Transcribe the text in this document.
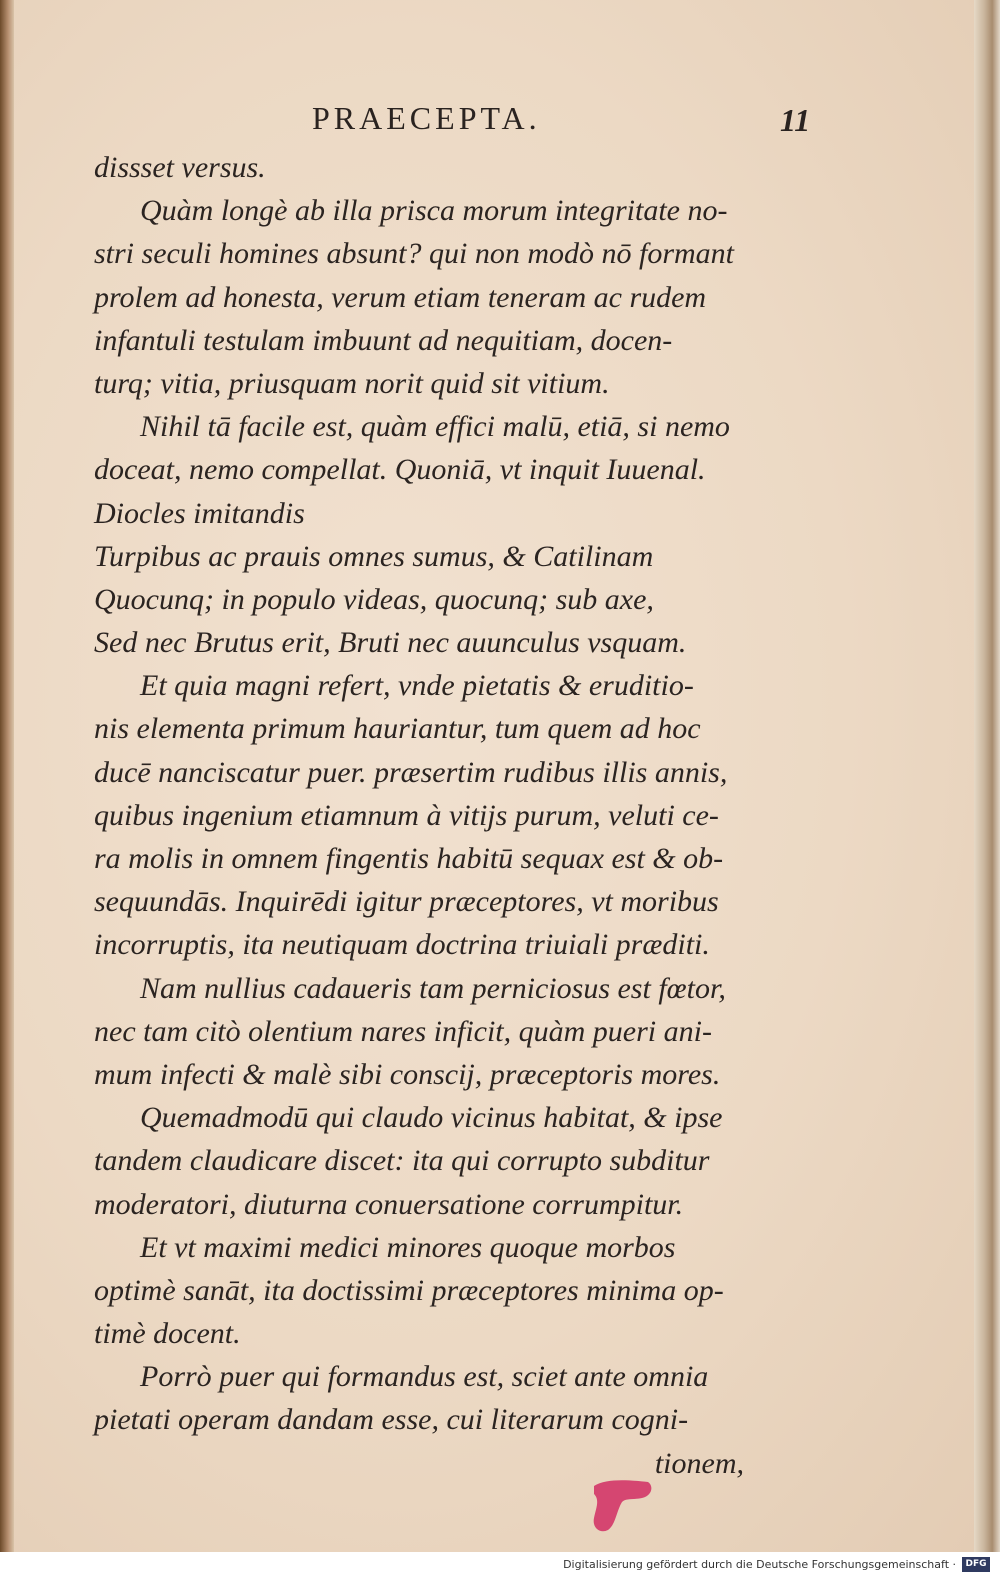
PRAECEPTA.	11
dissset versus.
Quàm longè ab illa prisca morum integritate no-
stri seculi homines absunt? qui non modò nō formant
prolem ad honesta, verum etiam teneram ac rudem
infantuli testulam imbuunt ad nequitiam, docen-
turq; vitia, priusquam norit quid sit vitium.
Nihil tā facile est, quàm effici malū, etiā, si nemo
doceat, nemo compellat. Quoniā, vt inquit Iuuenal.
Diocles imitandis
Turpibus ac prauis omnes sumus, & Catilinam
Quocunq; in populo videas, quocunq; sub axe,
Sed nec Brutus erit, Bruti nec auunculus vsquam.
Et quia magni refert, vnde pietatis & eruditio-
nis elementa primum hauriantur, tum quem ad hoc
ducē nanciscatur puer. præsertim rudibus illis annis,
quibus ingenium etiamnum à vitijs purum, veluti ce-
ra molis in omnem fingentis habitū sequax est & ob-
sequundās. Inquirēdi igitur præceptores, vt moribus
incorruptis, ita neutiquam doctrina triuiali præditi.
Nam nullius cadaueris tam perniciosus est fœtor,
nec tam citò olentium nares inficit, quàm pueri ani-
mum infecti & malè sibi conscij, præceptoris mores.
Quemadmodū qui claudo vicinus habitat, & ipse
tandem claudicare discet: ita qui corrupto subditur
moderatori, diuturna conuersatione corrumpitur.
Et vt maximi medici minores quoque morbos
optimè sanāt, ita doctissimi præceptores minima op-
timè docent.
Porrò puer qui formandus est, sciet ante omnia
pietati operam dandam esse, cui literarum cogni-
tionem,
Digitalisierung gefördert durch die Deutsche Forschungsgemeinschaft ·	DFG
